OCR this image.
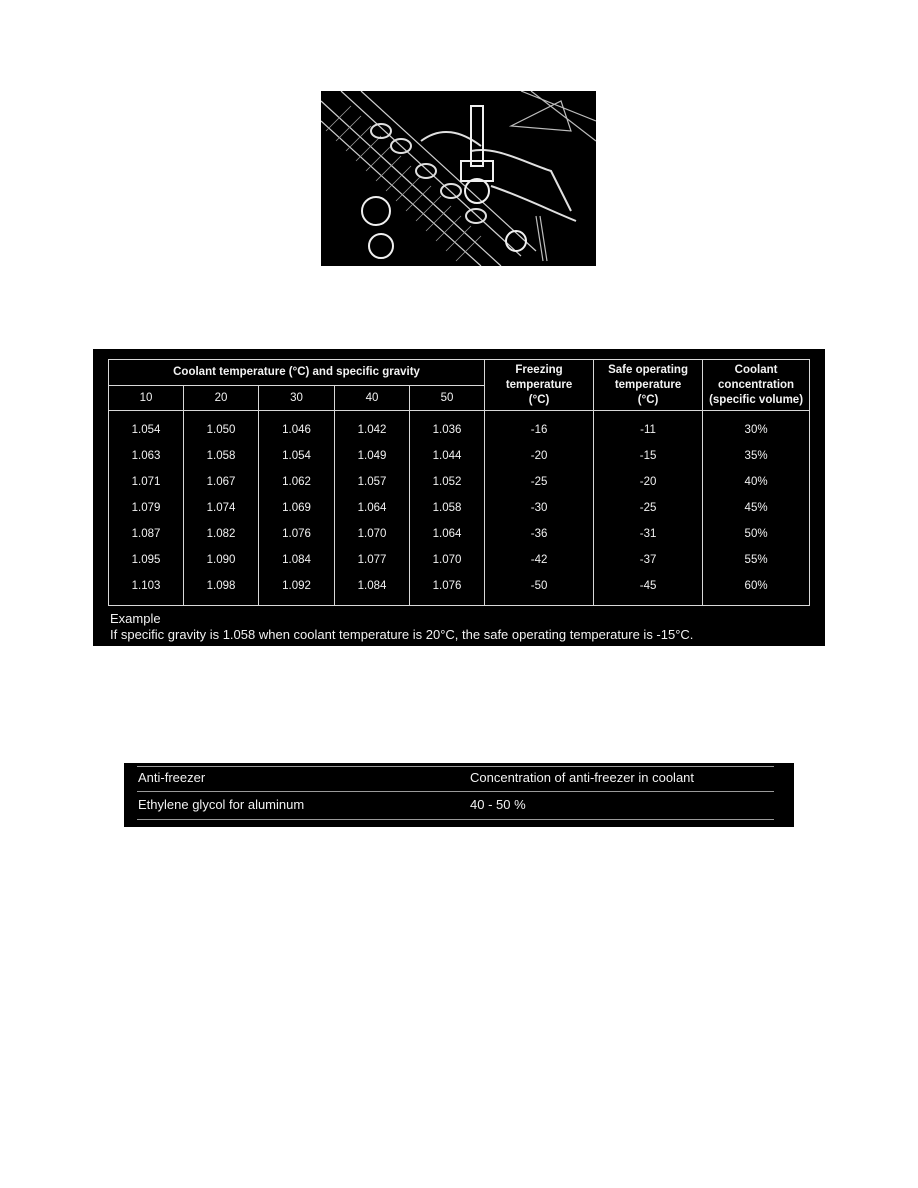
Coolant temperature (°C) and specific gravity					Freezing temperature (°C)	Safe operating temperature (°C)	Coolant concentration (specific volume)
10	20	30	40	50			
1.054	1.050	1.046	1.042	1.036	-16	-11	30%
1.063	1.058	1.054	1.049	1.044	-20	-15	35%
1.071	1.067	1.062	1.057	1.052	-25	-20	40%
1.079	1.074	1.069	1.064	1.058	-30	-25	45%
1.087	1.082	1.076	1.070	1.064	-36	-31	50%
1.095	1.090	1.084	1.077	1.070	-42	-37	55%
1.103	1.098	1.092	1.084	1.076	-50	-45	60%
Example
If specific gravity is 1.058 when coolant temperature is 20°C, the safe operating temperature is -15°C.
Anti-freezer	Concentration of anti-freezer in coolant
Ethylene glycol for aluminum	40 - 50 %
